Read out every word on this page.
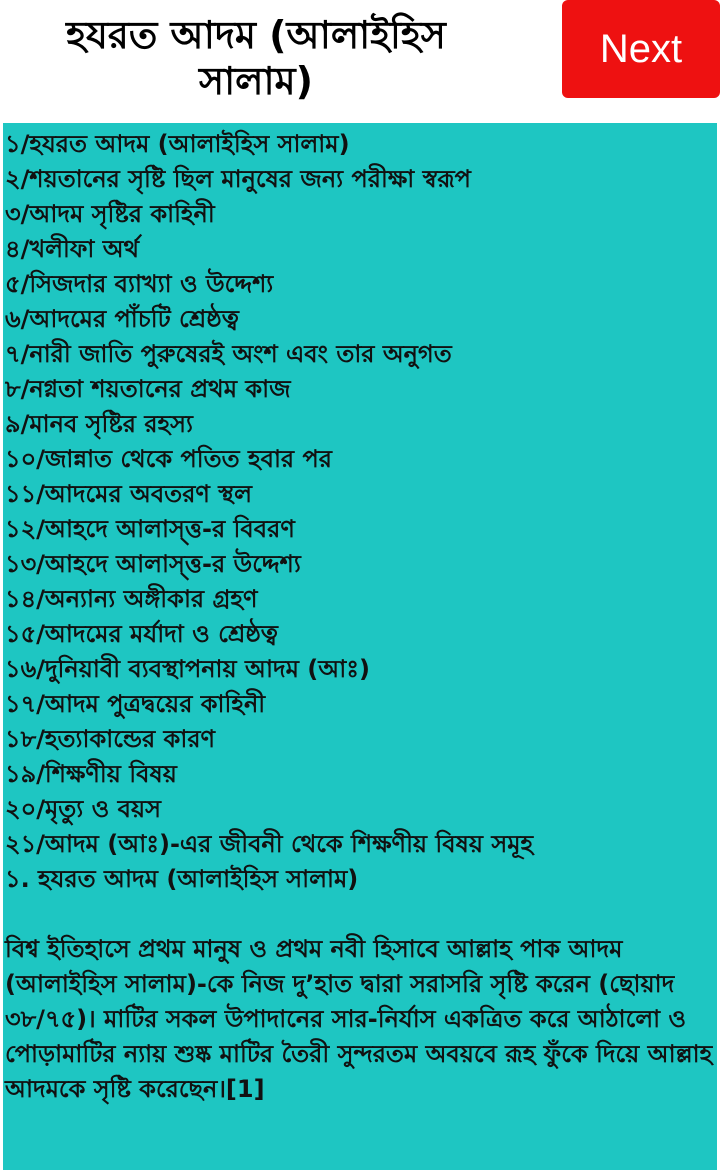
হযরত আদম (আলাইহিস সালাম)
Next
১/হযরত আদম (আলাইহিস সালাম)
২/শয়তানের সৃষ্টি ছিল মানুষের জন্য পরীক্ষা স্বরূপ
৩/আদম সৃষ্টির কাহিনী
৪/খলীফা অর্থ
৫/সিজদার ব্যাখ্যা ও উদ্দেশ্য
৬/আদমের পাঁচটি শ্রেষ্ঠত্ব
৭/নারী জাতি পুরুষেরই অংশ এবং তার অনুগত
৮/নগ্নতা শয়তানের প্রথম কাজ
৯/মানব সৃষ্টির রহস্য
১০/জান্নাত থেকে পতিত হবার পর
১১/আদমের অবতরণ স্থল
১২/আহদে আলাস্ত্ত-র বিবরণ
১৩/আহদে আলাস্ত্ত-র উদ্দেশ্য
১৪/অন্যান্য অঙ্গীকার গ্রহণ
১৫/আদমের মর্যাদা ও শ্রেষ্ঠত্ব
১৬/দুনিয়াবী ব্যবস্থাপনায় আদম (আঃ)
১৭/আদম পুত্রদ্বয়ের কাহিনী
১৮/হত্যাকান্ডের কারণ
১৯/শিক্ষণীয় বিষয়
২০/মৃত্যু ও বয়স
২১/আদম (আঃ)-এর জীবনী থেকে শিক্ষণীয় বিষয় সমূহ
১. হযরত আদম (আলাইহিস সালাম)

বিশ্ব ইতিহাসে প্রথম মানুষ ও প্রথম নবী হিসাবে আল্লাহ পাক আদম (আলাইহিস সালাম)-কে নিজ দু’হাত দ্বারা সরাসরি সৃষ্টি করেন (ছোয়াদ ৩৮/৭৫)। মাটির সকল উপাদানের সার-নির্যাস একত্রিত করে আঠালো ও পোড়ামাটির ন্যায় শুষ্ক মাটির তৈরী সুন্দরতম অবয়বে রূহ ফুঁকে দিয়ে আল্লাহ আদমকে সৃষ্টি করেছেন।[1]
